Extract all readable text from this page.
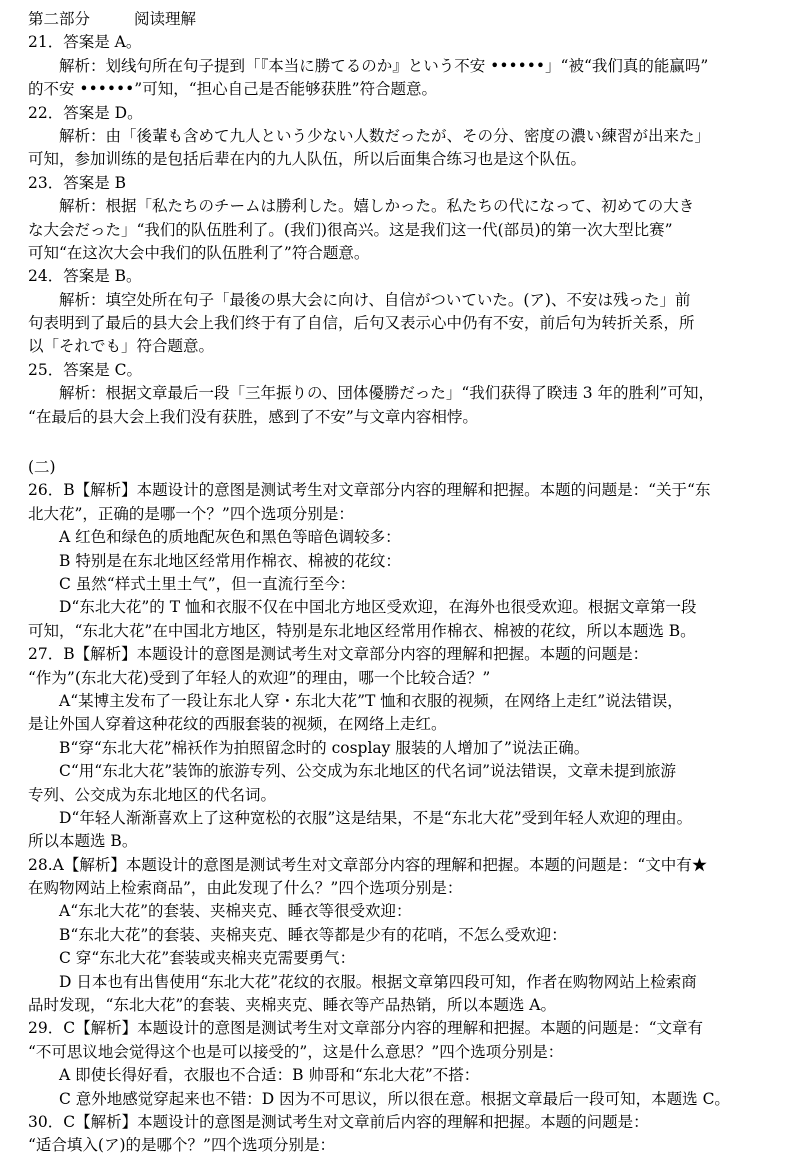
第二部分	阅读理解
21．答案是 A。
解析：划线句所在句子提到「『本当に勝てるのか』という不安 ••••••」“被“我们真的能赢吗”
的不安 ••••••”可知，“担心自己是否能够获胜”符合题意。
22．答案是 D。
解析：由「後輩も含めて九人という少ない人数だったが、その分、密度の濃い練習が出来た」
可知，参加训练的是包括后辈在内的九人队伍，所以后面集合练习也是这个队伍。
23．答案是 B
解析：根据「私たちのチームは勝利した。嬉しかった。私たちの代になって、初めての大き
な大会だった」“我们的队伍胜利了。(我们)很高兴。这是我们这一代(部员)的第一次大型比赛”
可知“在这次大会中我们的队伍胜利了”符合题意。
24．答案是 B。
解析：填空处所在句子「最後の県大会に向け、自信がついていた。(ア)、不安は残った」前
句表明到了最后的县大会上我们终于有了自信，后句又表示心中仍有不安，前后句为转折关系，所
以「それでも」符合题意。
25．答案是 C。
解析：根据文章最后一段「三年振りの、団体優勝だった」“我们获得了睽违 3 年的胜利”可知，
“在最后的县大会上我们没有获胜，感到了不安”与文章内容相悖。
(二)
26．B【解析】本题设计的意图是测试考生对文章部分内容的理解和把握。本题的问题是：“关于“东
北大花”，正确的是哪一个？”四个选项分别是：
A 红色和绿色的质地配灰色和黑色等暗色调较多：
B 特别是在东北地区经常用作棉衣、棉被的花纹：
C 虽然“样式土里土气”，但一直流行至今：
D“东北大花”的 T 恤和衣服不仅在中国北方地区受欢迎，在海外也很受欢迎。根据文章第一段
可知，“东北大花”在中国北方地区，特别是东北地区经常用作棉衣、棉被的花纹，所以本题选 B。
27．B【解析】本题设计的意图是测试考生对文章部分内容的理解和把握。本题的问题是：
“作为”(东北大花)受到了年轻人的欢迎”的理由，哪一个比较合适？”
A“某博主发布了一段让东北人穿・东北大花”T 恤和衣服的视频，在网络上走红”说法错误，
是让外国人穿着这种花纹的西服套装的视频，在网络上走红。
B“穿“东北大花”棉袄作为拍照留念时的 cosplay 服装的人增加了”说法正确。
C“用“东北大花”装饰的旅游专列、公交成为东北地区的代名词”说法错误，文章未提到旅游
专列、公交成为东北地区的代名词。
D“年轻人渐渐喜欢上了这种宽松的衣服”这是结果，不是“东北大花”受到年轻人欢迎的理由。
所以本题选 B。
28.A【解析】本题设计的意图是测试考生对文章部分内容的理解和把握。本题的问题是：“文中有★
在购物网站上检索商品”，由此发现了什么？”四个选项分别是：
A“东北大花”的套装、夹棉夹克、睡衣等很受欢迎：
B“东北大花”的套装、夹棉夹克、睡衣等都是少有的花哨，不怎么受欢迎：
C 穿“东北大花”套装或夹棉夹克需要勇气：
D 日本也有出售使用“东北大花”花纹的衣服。根据文章第四段可知，作者在购物网站上检索商
品时发现，“东北大花”的套装、夹棉夹克、睡衣等产品热销，所以本题选 A。
29．C【解析】本题设计的意图是测试考生对文章部分内容的理解和把握。本题的问题是：“文章有
“不可思议地会觉得这个也是可以接受的”，这是什么意思？”四个选项分别是：
A 即使长得好看，衣服也不合适：B 帅哥和“东北大花”不搭：
C 意外地感觉穿起来也不错：D 因为不可思议，所以很在意。根据文章最后一段可知，本题选 C。
30．C【解析】本题设计的意图是测试考生对文章前后内容的理解和把握。本题的问题是：
“适合填入(ア)的是哪个？”四个选项分别是：
